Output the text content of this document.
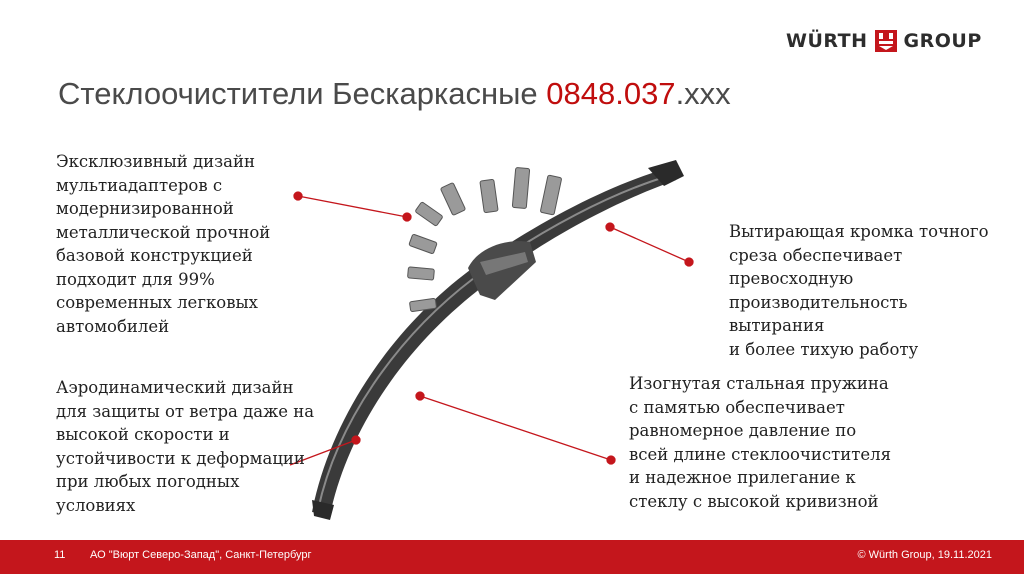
WÜRTH GROUP
Стеклоочистители Бескаркасные 0848.037.xxx
Эксклюзивный дизайн
мультиадаптеров с
модернизированной
металлической прочной
базовой конструкцией
подходит для 99%
современных легковых
автомобилей
Аэродинамический дизайн
для защиты от ветра даже на
высокой скорости и
устойчивости к деформации
при любых погодных
условиях
Вытирающая кромка точного
среза обеспечивает
превосходную
производительность
вытирания
и более тихую работу
Изогнутая стальная пружина
с памятью обеспечивает
равномерное давление по
всей длине стеклоочистителя
и надежное прилегание к
стеклу с высокой кривизной
11 АО "Вюрт Северо-Запад", Санкт-Петербург	© Würth Group, 19.11.2021
